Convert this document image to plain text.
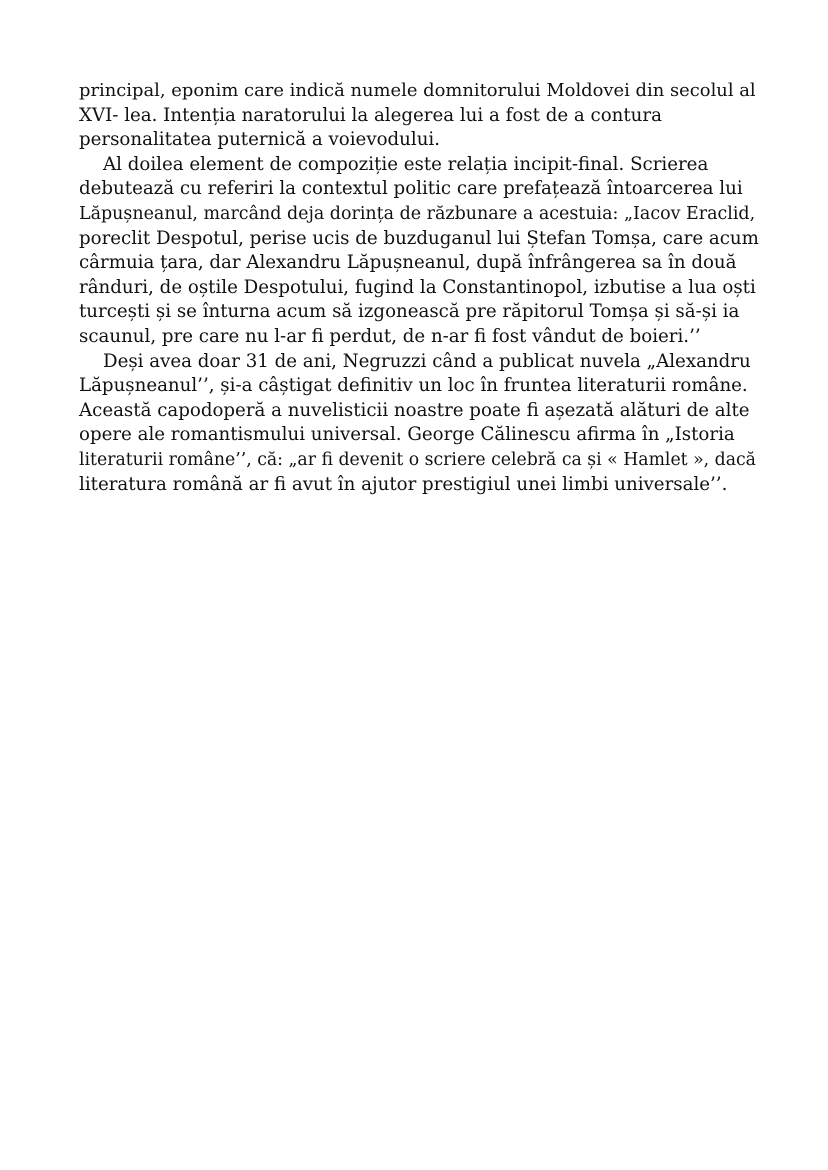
principal, eponim care indică numele domnitorului Moldovei din secolul al
XVI- lea. Intenția naratorului la alegerea lui a fost de a contura
personalitatea puternică a voievodului.
Al doilea element de compoziție este relația incipit-final. Scrierea
debutează cu referiri la contextul politic care prefațează întoarcerea lui
Lăpușneanul, marcând deja dorința de răzbunare a acestuia: „Iacov Eraclid,
poreclit Despotul, perise ucis de buzduganul lui Ștefan Tomșa, care acum
cârmuia țara, dar Alexandru Lăpușneanul, după înfrângerea sa în două
rânduri, de oștile Despotului, fugind la Constantinopol, izbutise a lua oști
turcești și se înturna acum să izgonească pre răpitorul Tomșa și să-și ia
scaunul, pre care nu l-ar fi perdut, de n-ar fi fost vândut de boieri.’’
Deși avea doar 31 de ani, Negruzzi când a publicat nuvela „Alexandru
Lăpușneanul’’, și-a câștigat definitiv un loc în fruntea literaturii române.
Această capodoperă a nuvelisticii noastre poate fi așezată alături de alte
opere ale romantismului universal. George Călinescu afirma în „Istoria
literaturii române’’, că: „ar fi devenit o scriere celebră ca și « Hamlet », dacă
literatura română ar fi avut în ajutor prestigiul unei limbi universale’’.
